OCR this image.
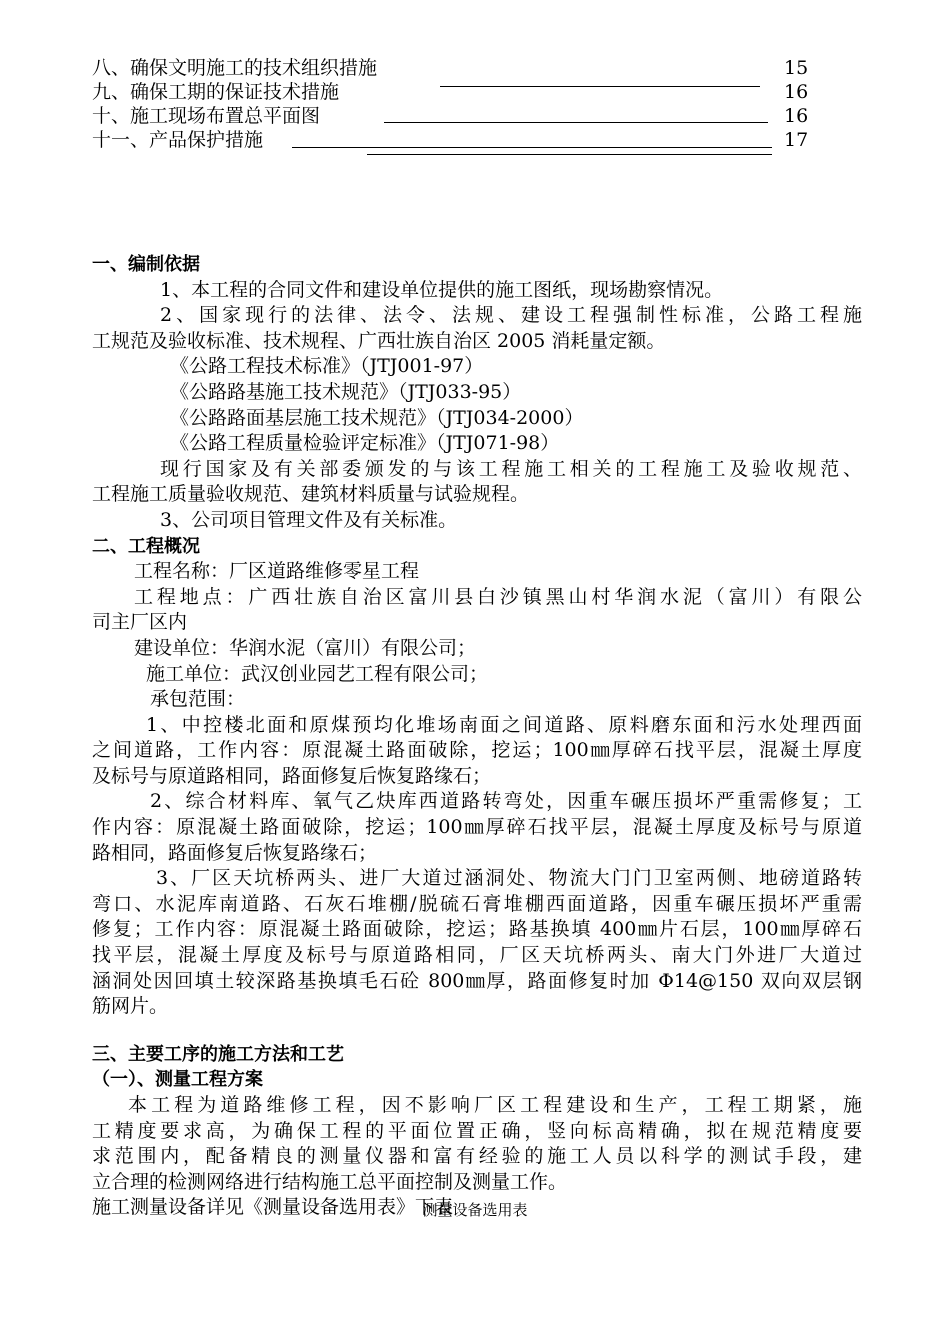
八、确保文明施工的技术组织措施	15
九、确保工期的保证技术措施	16
十、施工现场布置总平面图	16
十一、产品保护措施	17
一、编制依据
1、本工程的合同文件和建设单位提供的施工图纸，现场勘察情况。
2、国家现行的法律、法令、法规、建设工程强制性标准，公路工程施
工规范及验收标准、技术规程、广西壮族自治区 2005 消耗量定额。
《公路工程技术标准》（JTJ001-97）
《公路路基施工技术规范》（JTJ033-95）
《公路路面基层施工技术规范》（JTJ034-2000）
《公路工程质量检验评定标准》（JTJ071-98）
现行国家及有关部委颁发的与该工程施工相关的工程施工及验收规范、
工程施工质量验收规范、建筑材料质量与试验规程。
3、公司项目管理文件及有关标准。
二、工程概况
工程名称：厂区道路维修零星工程
工程地点：广西壮族自治区富川县白沙镇黑山村华润水泥（富川）有限公
司主厂区内
建设单位：华润水泥（富川）有限公司；
施工单位：武汉创业园艺工程有限公司；
承包范围：
1、中控楼北面和原煤预均化堆场南面之间道路、原料磨东面和污水处理西面
之间道路，工作内容：原混凝土路面破除，挖运；100㎜厚碎石找平层，混凝土厚度
及标号与原道路相同，路面修复后恢复路缘石；
2、综合材料库、氧气乙炔库西道路转弯处，因重车碾压损坏严重需修复；工
作内容：原混凝土路面破除，挖运；100㎜厚碎石找平层，混凝土厚度及标号与原道
路相同，路面修复后恢复路缘石；
3、厂区天坑桥两头、进厂大道过涵洞处、物流大门门卫室两侧、地磅道路转
弯口、水泥库南道路、石灰石堆棚/脱硫石膏堆棚西面道路，因重车碾压损坏严重需
修复；工作内容：原混凝土路面破除，挖运；路基换填 400㎜片石层，100㎜厚碎石
找平层，混凝土厚度及标号与原道路相同，厂区天坑桥两头、南大门外进厂大道过
涵洞处因回填土较深路基换填毛石砼 800㎜厚，路面修复时加 Φ14@150 双向双层钢
筋网片。
三、主要工序的施工方法和工艺
（一）、测量工程方案
本工程为道路维修工程，因不影响厂区工程建设和生产，工程工期紧，施
工精度要求高，为确保工程的平面位置正确，竖向标高精确，拟在规范精度要
求范围内，配备精良的测量仪器和富有经验的施工人员以科学的测试手段，建
立合理的检测网络进行结构施工总平面控制及测量工作。
施工测量设备详见《测量设备选用表》下表
测量设备选用表
